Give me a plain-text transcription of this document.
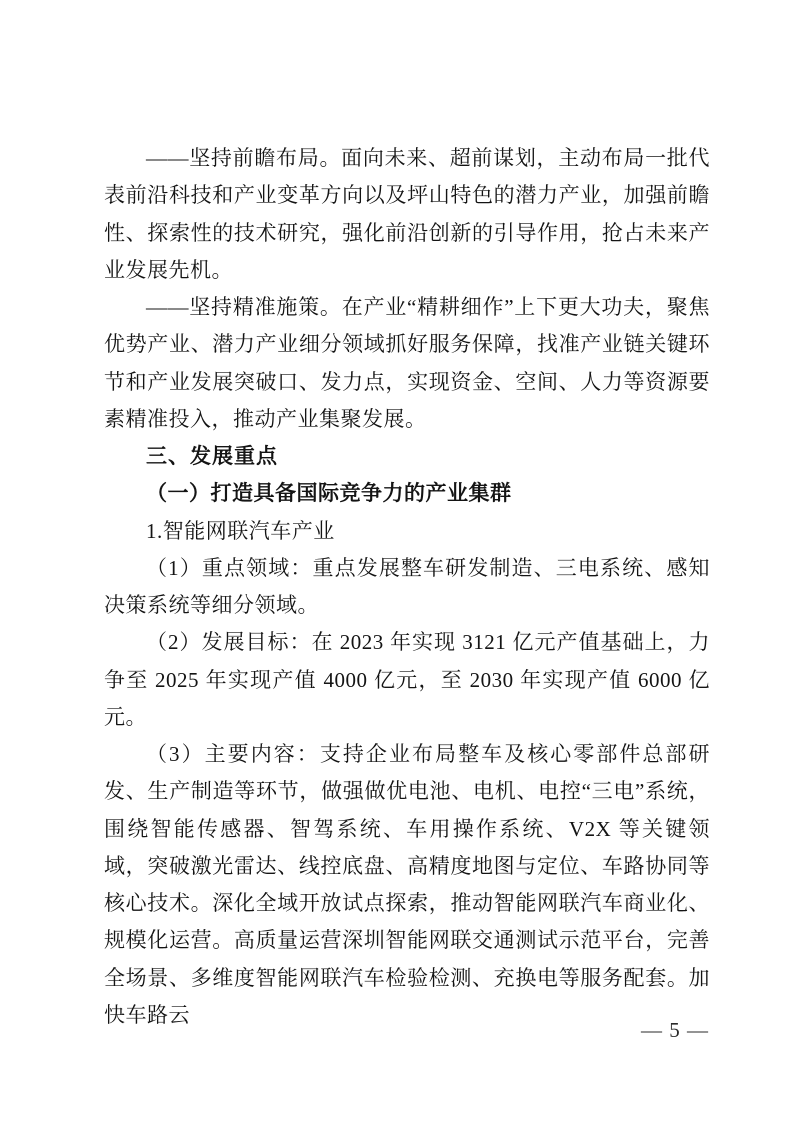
——坚持前瞻布局。面向未来、超前谋划，主动布局一批代表前沿科技和产业变革方向以及坪山特色的潜力产业，加强前瞻性、探索性的技术研究，强化前沿创新的引导作用，抢占未来产业发展先机。

——坚持精准施策。在产业“精耕细作”上下更大功夫，聚焦优势产业、潜力产业细分领域抓好服务保障，找准产业链关键环节和产业发展突破口、发力点，实现资金、空间、人力等资源要素精准投入，推动产业集聚发展。

三、发展重点

（一）打造具备国际竞争力的产业集群

1.智能网联汽车产业

（1）重点领域：重点发展整车研发制造、三电系统、感知决策系统等细分领域。

（2）发展目标：在 2023 年实现 3121 亿元产值基础上，力争至 2025 年实现产值 4000 亿元，至 2030 年实现产值 6000 亿元。

（3）主要内容：支持企业布局整车及核心零部件总部研发、生产制造等环节，做强做优电池、电机、电控“三电”系统，围绕智能传感器、智驾系统、车用操作系统、V2X 等关键领域，突破激光雷达、线控底盘、高精度地图与定位、车路协同等核心技术。深化全域开放试点探索，推动智能网联汽车商业化、规模化运营。高质量运营深圳智能网联交通测试示范平台，完善全场景、多维度智能网联汽车检验检测、充换电等服务配套。加快车路云

— 5 —
